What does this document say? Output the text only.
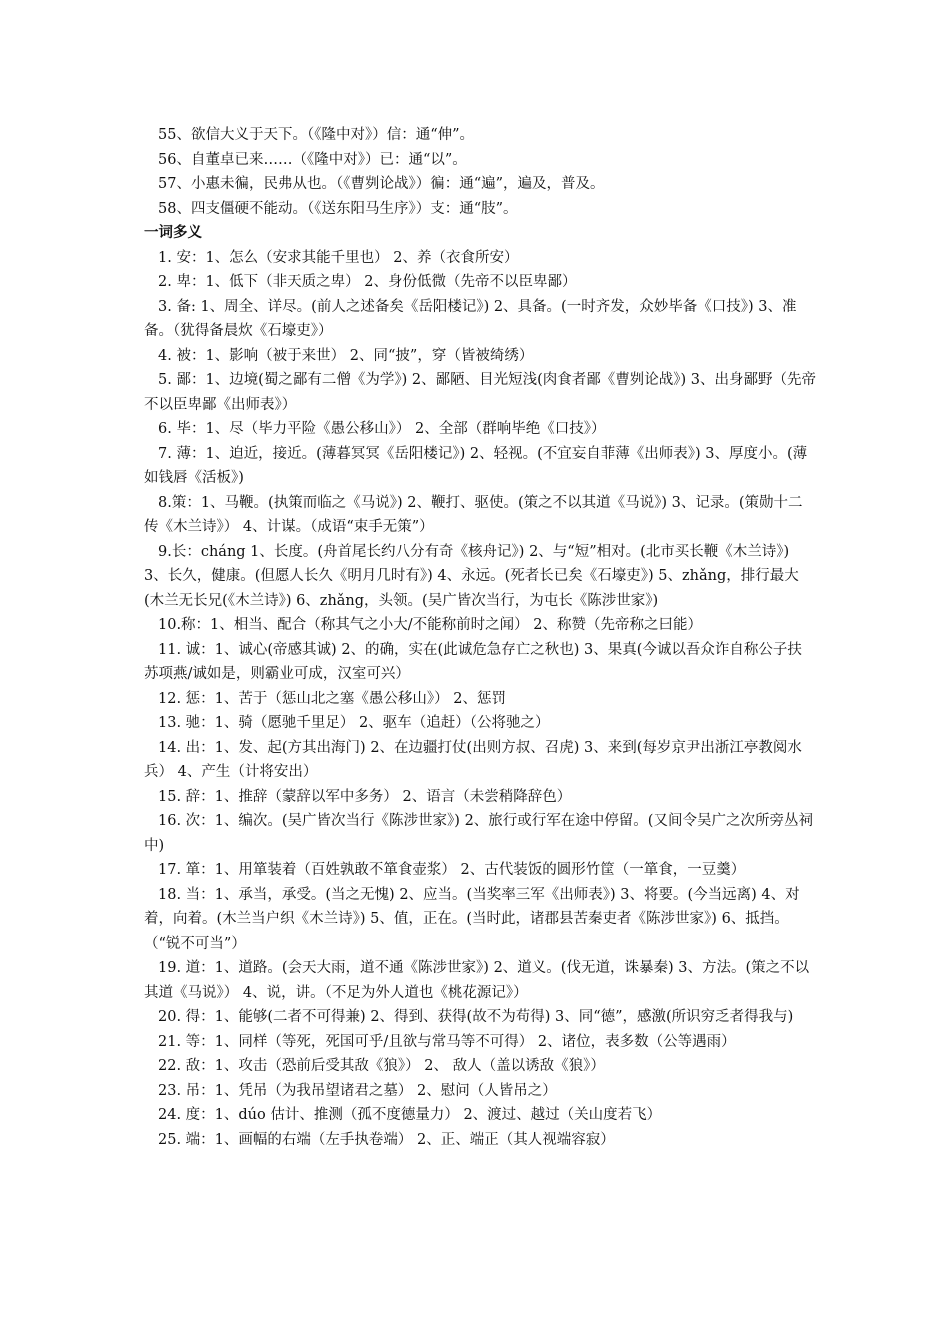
55、欲信大义于天下。（《隆中对》）信：通“伸”。
56、自董卓已来……（《隆中对》）已：通“以”。
57、小惠未徧，民弗从也。（《曹刿论战》）徧：通“遍”，遍及，普及。
58、四支僵硬不能动。（《送东阳马生序》）支：通“肢”。
一词多义
1. 安：1、怎么（安求其能千里也） 2、养（衣食所安）
2. 卑：1、低下（非天质之卑） 2、身份低微（先帝不以臣卑鄙）
3. 备: 1、周全、详尽。(前人之述备矣《岳阳楼记》) 2、具备。(一时齐发，众妙毕备《口技》) 3、准备。（犹得备晨炊《石壕吏》）
4. 被：1、影响（被于来世） 2、同“披”，穿（皆被绮绣）
5. 鄙：1、边境(蜀之鄙有二僧《为学》) 2、鄙陋、目光短浅(肉食者鄙《曹刿论战》) 3、出身鄙野（先帝不以臣卑鄙《出师表》）
6. 毕：1、尽（毕力平险《愚公移山》） 2、全部（群响毕绝《口技》）
7. 薄：1、迫近，接近。(薄暮冥冥《岳阳楼记》) 2、轻视。(不宜妄自菲薄《出师表》) 3、厚度小。(薄如钱唇《活板》)
8.策：1、马鞭。(执策而临之《马说》) 2、鞭打、驱使。(策之不以其道《马说》) 3、记录。(策勋十二传《木兰诗》） 4、计谋。（成语“束手无策”）
9.长：cháng 1、长度。(舟首尾长约八分有奇《核舟记》) 2、与“短”相对。(北市买长鞭《木兰诗》) 3、长久，健康。(但愿人长久《明月几时有》) 4、永远。(死者长已矣《石壕吏》) 5、zhǎng，排行最大(木兰无长兄(《木兰诗》) 6、zhǎng，头领。(吴广皆次当行，为屯长《陈涉世家》)
10.称：1、相当、配合（称其气之小大/不能称前时之闻） 2、称赞（先帝称之曰能）
11. 诚：1、诚心(帝感其诚) 2、的确，实在(此诚危急存亡之秋也) 3、果真(今诚以吾众诈自称公子扶苏项燕/诚如是，则霸业可成，汉室可兴）
12. 惩：1、苦于（惩山北之塞《愚公移山》） 2、惩罚
13. 驰：1、骑（愿驰千里足） 2、驱车（追赶）（公将驰之）
14. 出：1、发、起(方其出海门) 2、在边疆打仗(出则方叔、召虎) 3、来到(每岁京尹出浙江亭教阅水兵） 4、产生（计将安出）
15. 辞：1、推辞（蒙辞以军中多务） 2、语言（未尝稍降辞色）
16. 次：1、编次。(吴广皆次当行《陈涉世家》) 2、旅行或行军在途中停留。(又间令吴广之次所旁丛祠中)
17. 箪：1、用箪装着（百姓孰敢不箪食壶浆） 2、古代装饭的圆形竹筐（一箪食，一豆羹）
18. 当：1、承当，承受。(当之无愧) 2、应当。(当奖率三军《出师表》) 3、将要。(今当远离) 4、对着，向着。(木兰当户织《木兰诗》) 5、值，正在。(当时此，诸郡县苦秦吏者《陈涉世家》) 6、抵挡。（“锐不可当”）
19. 道：1、道路。(会天大雨，道不通《陈涉世家》) 2、道义。(伐无道，诛暴秦) 3、方法。(策之不以其道《马说》） 4、说，讲。（不足为外人道也《桃花源记》）
20. 得：1、能够(二者不可得兼) 2、得到、获得(故不为苟得) 3、同“德”，感激(所识穷乏者得我与)
21. 等：1、同样（等死，死国可乎/且欲与常马等不可得） 2、诸位，表多数（公等遇雨）
22. 敌：1、攻击（恐前后受其敌《狼》） 2、 敌人（盖以诱敌《狼》）
23. 吊：1、凭吊（为我吊望诸君之墓） 2、慰问（人皆吊之）
24. 度：1、dúo 估计、推测（孤不度德量力） 2、渡过、越过（关山度若飞）
25. 端：1、画幅的右端（左手执卷端） 2、正、端正（其人视端容寂）
